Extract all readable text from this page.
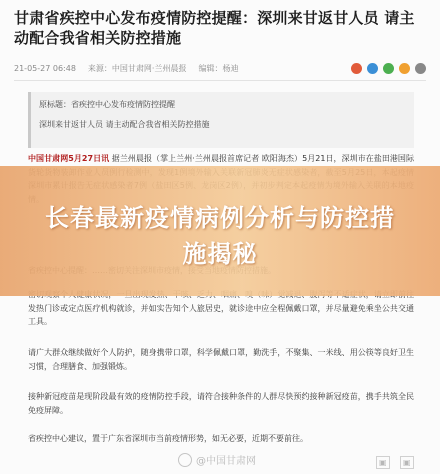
甘肃省疾控中心发布疫情防控提醒：深圳来甘返甘人员 请主动配合我省相关防控措施
21-05-27 06:48 来源：中国甘肃网·兰州晨报 编辑：杨迪
原标题：省疾控中心发布疫情防控提醒
深圳来甘返甘人员 请主动配合我省相关防控措施
中国甘肃网5月27日讯 据兰州晨报（掌上兰州·兰州晨报首席记者 欧阳海杰）5月21日，深圳市在盐田港国际
发热门诊或定点医疗机构就诊，并如实告知个人旅居史，就诊途中应全程佩戴口罩，并尽量避免乘坐公共交通工具。
请广大群众继续做好个人防护，随身携带口罩，科学佩戴口罩，勤洗手，不聚集、一米线、用公筷等良好卫生习惯，合理膳食、加强锻炼。
接种新冠疫苗是现阶段最有效的疫情防控手段，请符合接种条件的人群尽快预约接种新冠疫苗，携手共筑全民免疫屏障。
省疾控中心建议，置于广东省深圳市当前疫情形势，如无必要，近期不要前往。
长春最新疫情病例分析与防控措施揭秘
@中国甘肃网	▣	▣
